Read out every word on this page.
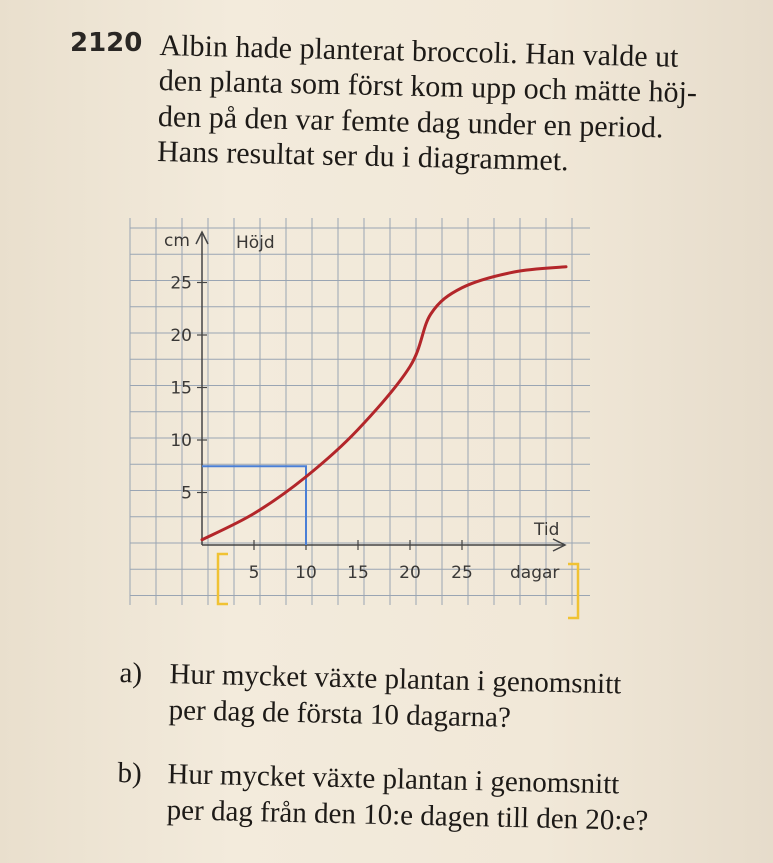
2120 Albin hade planterat broccoli. Han valde ut
den planta som först kom upp och mätte höj-
den på den var femte dag under en period.
Hans resultat ser du i diagrammet.
5 10 15 20 25
5
10
15
20
25
cm	Höjd
Tid
dagar
a) Hur mycket växte plantan i genomsnitt
per dag de första 10 dagarna?
b) Hur mycket växte plantan i genomsnitt
per dag från den 10:e dagen till den 20:e?
